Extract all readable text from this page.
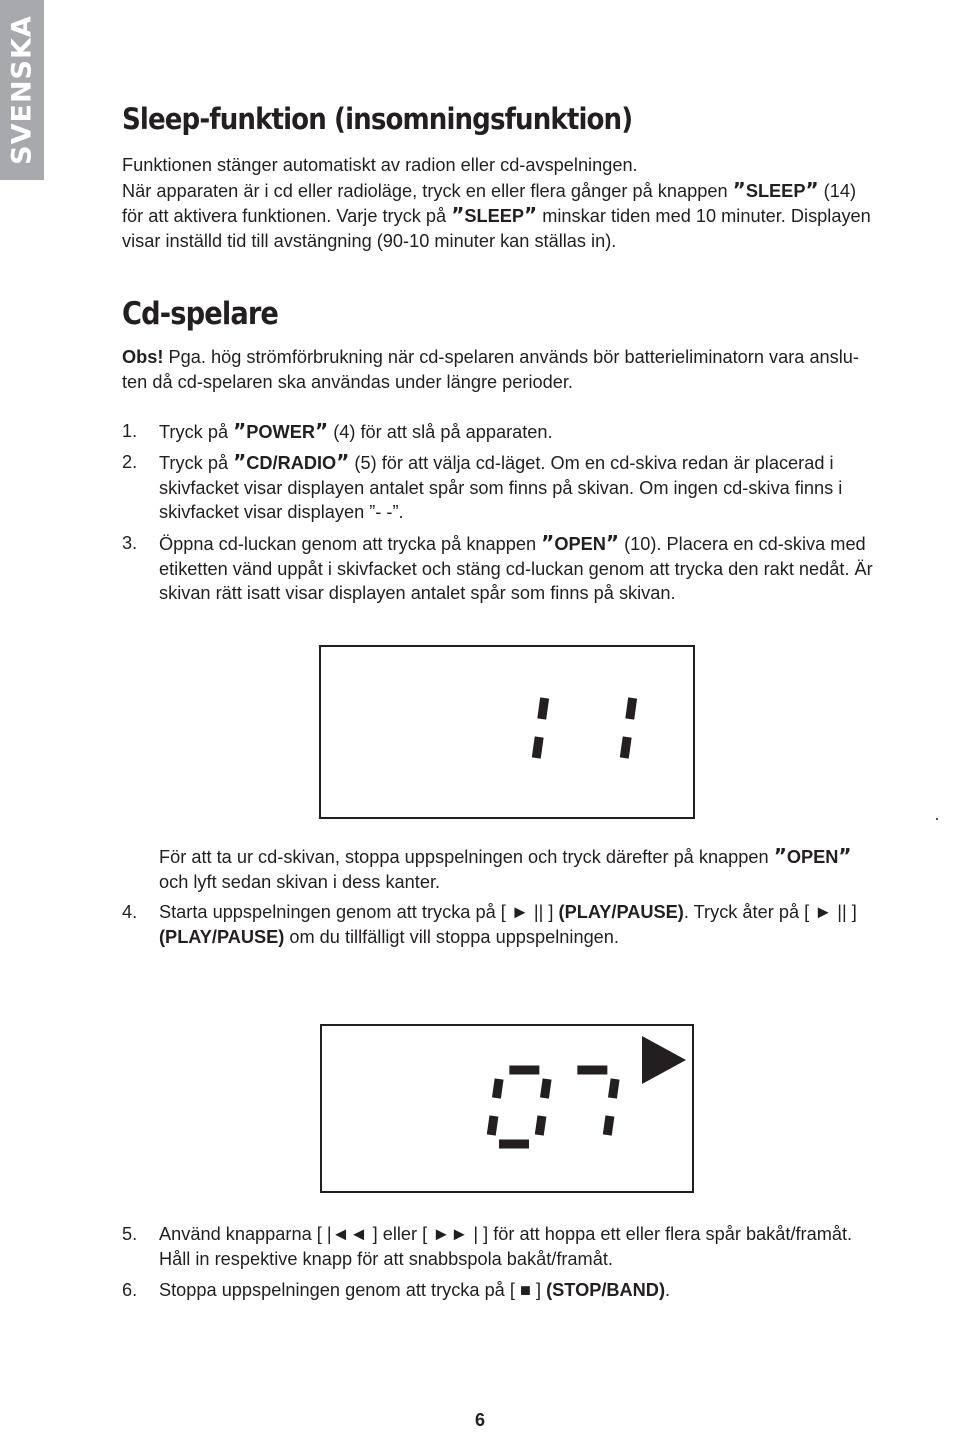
SVENSKA	Sleep-funktion (insomningsfunktion)
Funktionen stänger automatiskt av radion eller cd-avspelningen.
När apparaten är i cd eller radioläge, tryck en eller flera gånger på knappen ”SLEEP” (14)
för att aktivera funktionen. Varje tryck på ”SLEEP” minskar tiden med 10 minuter. Displayen
visar inställd tid till avstängning (90-10 minuter kan ställas in).
Cd-spelare
Obs! Pga. hög strömförbrukning när cd-spelaren används bör batterieliminatorn vara anslu-
ten då cd-spelaren ska användas under längre perioder.
1.	Tryck på ”POWER” (4) för att slå på apparaten.
2.	Tryck på ”CD/RADIO” (5) för att välja cd-läget. Om en cd-skiva redan är placerad i
skivfacket visar displayen antalet spår som finns på skivan. Om ingen cd-skiva finns i
skivfacket visar displayen ”- -”.
3.	Öppna cd-luckan genom att trycka på knappen ”OPEN” (10). Placera en cd-skiva med
etiketten vänd uppåt i skivfacket och stäng cd-luckan genom att trycka den rakt nedåt. Är
skivan rätt isatt visar displayen antalet spår som finns på skivan.
För att ta ur cd-skivan, stoppa uppspelningen och tryck därefter på knappen ”OPEN”
och lyft sedan skivan i dess kanter.
4.	Starta uppspelningen genom att trycka på [ ► || ] (PLAY/PAUSE). Tryck åter på [ ► || ]
(PLAY/PAUSE) om du tillfälligt vill stoppa uppspelningen.
5.	Använd knapparna [ |◄◄ ] eller [ ►► | ] för att hoppa ett eller flera spår bakåt/framåt.
Håll in respektive knapp för att snabbspola bakåt/framåt.
6.	Stoppa uppspelningen genom att trycka på [ ■ ] (STOP/BAND).
6
